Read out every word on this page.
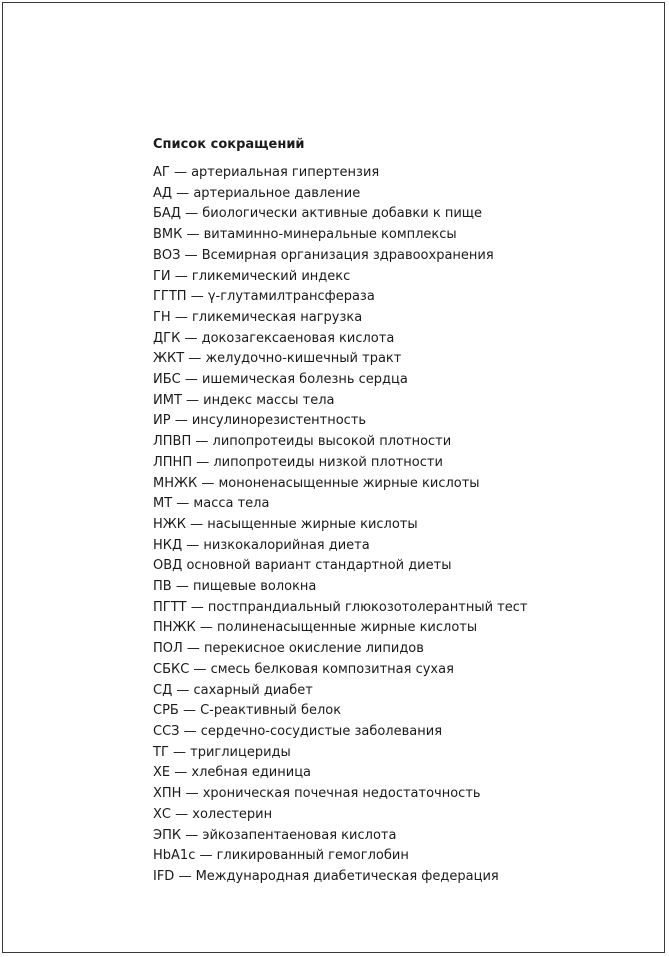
Список сокращений
АГ — артериальная гипертензия
АД — артериальное давление
БАД — биологически активные добавки к пище
ВМК — витаминно-минеральные комплексы
ВОЗ — Всемирная организация здравоохранения
ГИ — гликемический индекс
ГГТП — γ-глутамилтрансфераза
ГН — гликемическая нагрузка
ДГК — докозагексаеновая кислота
ЖКТ — желудочно-кишечный тракт
ИБС — ишемическая болезнь сердца
ИМТ — индекс массы тела
ИР — инсулинорезистентность
ЛПВП — липопротеиды высокой плотности
ЛПНП — липопротеиды низкой плотности
МНЖК — мононенасыщенные жирные кислоты
МТ — масса тела
НЖК — насыщенные жирные кислоты
НКД — низкокалорийная диета
ОВД основной вариант стандартной диеты
ПВ — пищевые волокна
ПГТТ — постпрандиальный глюкозотолерантный тест
ПНЖК — полиненасыщенные жирные кислоты
ПОЛ — перекисное окисление липидов
СБКС — смесь белковая композитная сухая
СД — сахарный диабет
СРБ — С-реактивный белок
ССЗ — сердечно-сосудистые заболевания
ТГ — триглицериды
ХЕ — хлебная единица
ХПН — хроническая почечная недостаточность
ХС — холестерин
ЭПК — эйкозапентаеновая кислота
HbA1c — гликированный гемоглобин
IFD — Международная диабетическая федерация
